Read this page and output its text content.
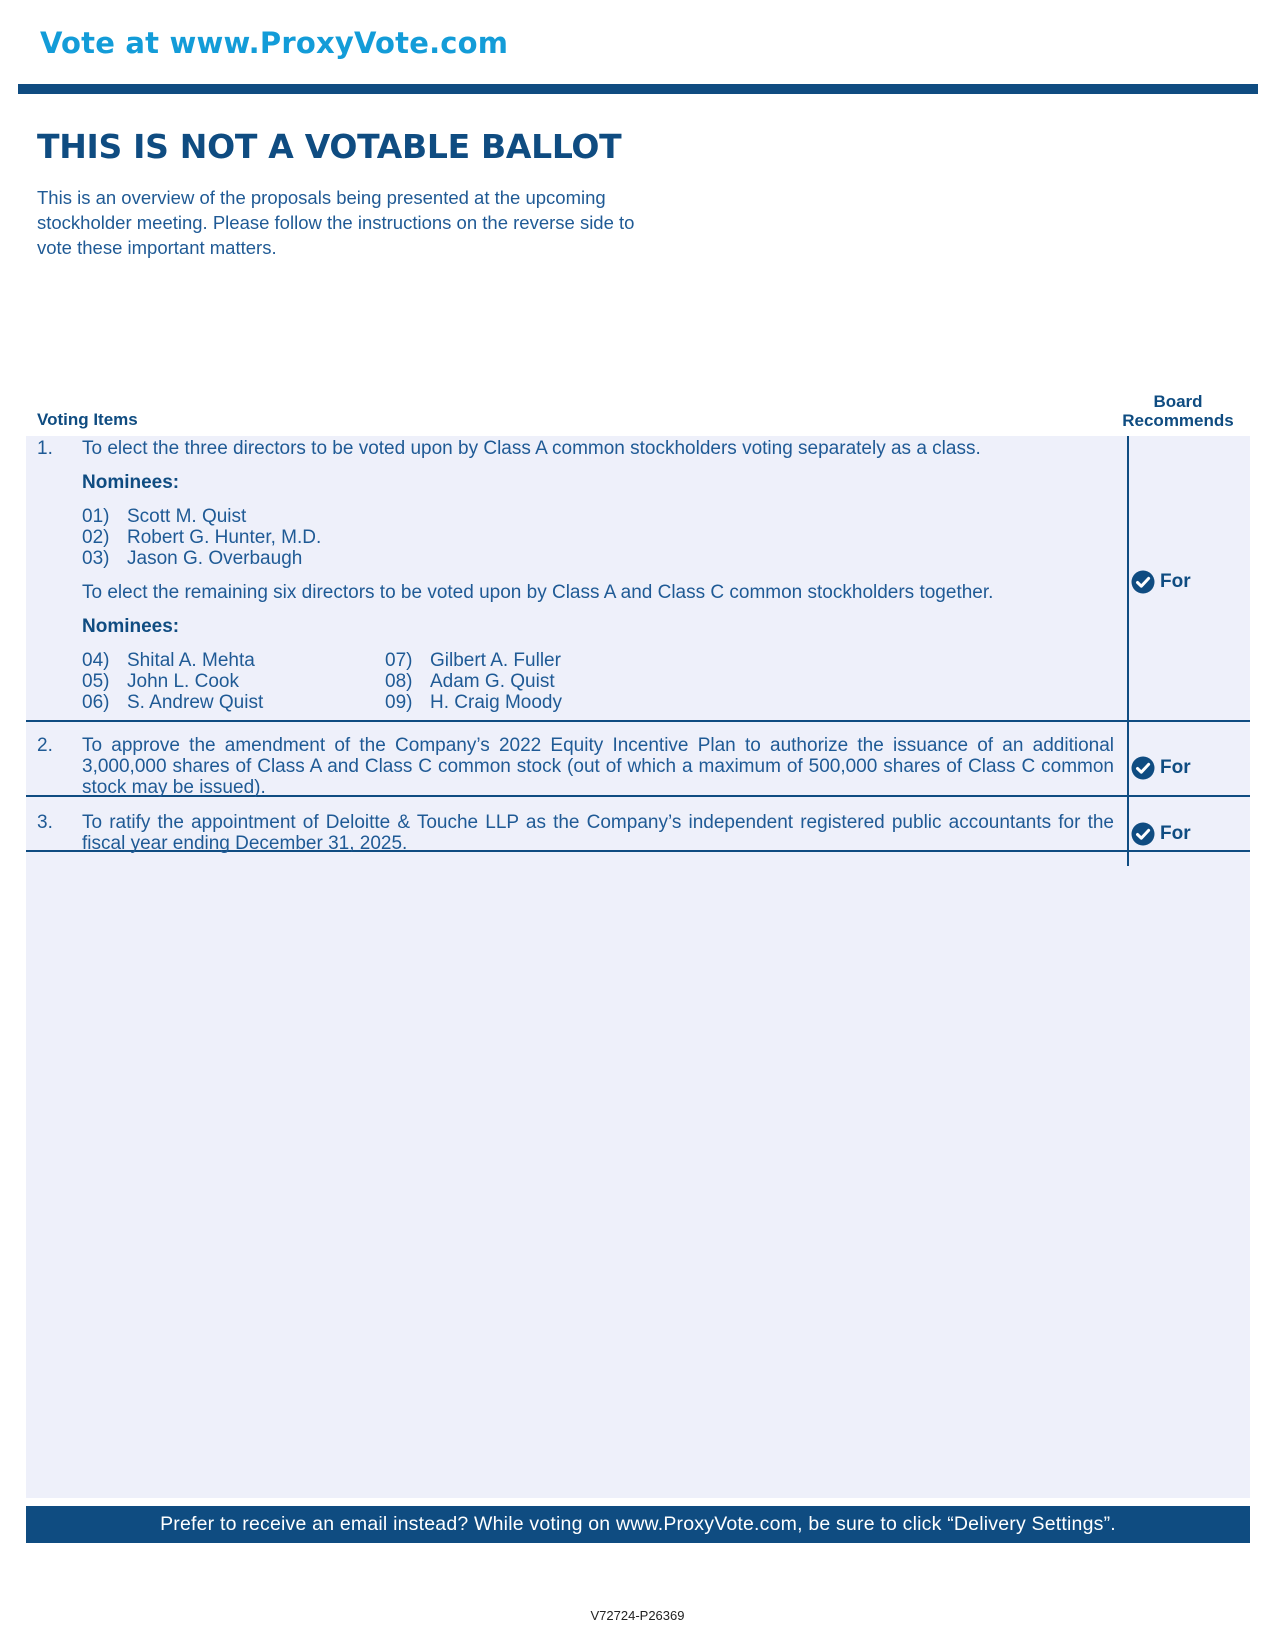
Vote at www.ProxyVote.com
THIS IS NOT A VOTABLE BALLOT
This is an overview of the proposals being presented at the upcoming stockholder meeting. Please follow the instructions on the reverse side to vote these important matters.
Voting Items
Board
Recommends
1. To elect the three directors to be voted upon by Class A common stockholders voting separately as a class.
Nominees:
01) Scott M. Quist
02) Robert G. Hunter, M.D.
03) Jason G. Overbaugh
To elect the remaining six directors to be voted upon by Class A and Class C common stockholders together.
Nominees:
04) Shital A. Mehta
05) John L. Cook
06) S. Andrew Quist
07) Gilbert A. Fuller
08) Adam G. Quist
09) H. Craig Moody
For
2. To approve the amendment of the Company’s 2022 Equity Incentive Plan to authorize the issuance of an additional 3,000,000 shares of Class A and Class C common stock (out of which a maximum of 500,000 shares of Class C common stock may be issued).
For
3. To ratify the appointment of Deloitte & Touche LLP as the Company’s independent registered public accountants for the fiscal year ending December 31, 2025.	For
Prefer to receive an email instead? While voting on www.ProxyVote.com, be sure to click “Delivery Settings”.
V72724-P26369
